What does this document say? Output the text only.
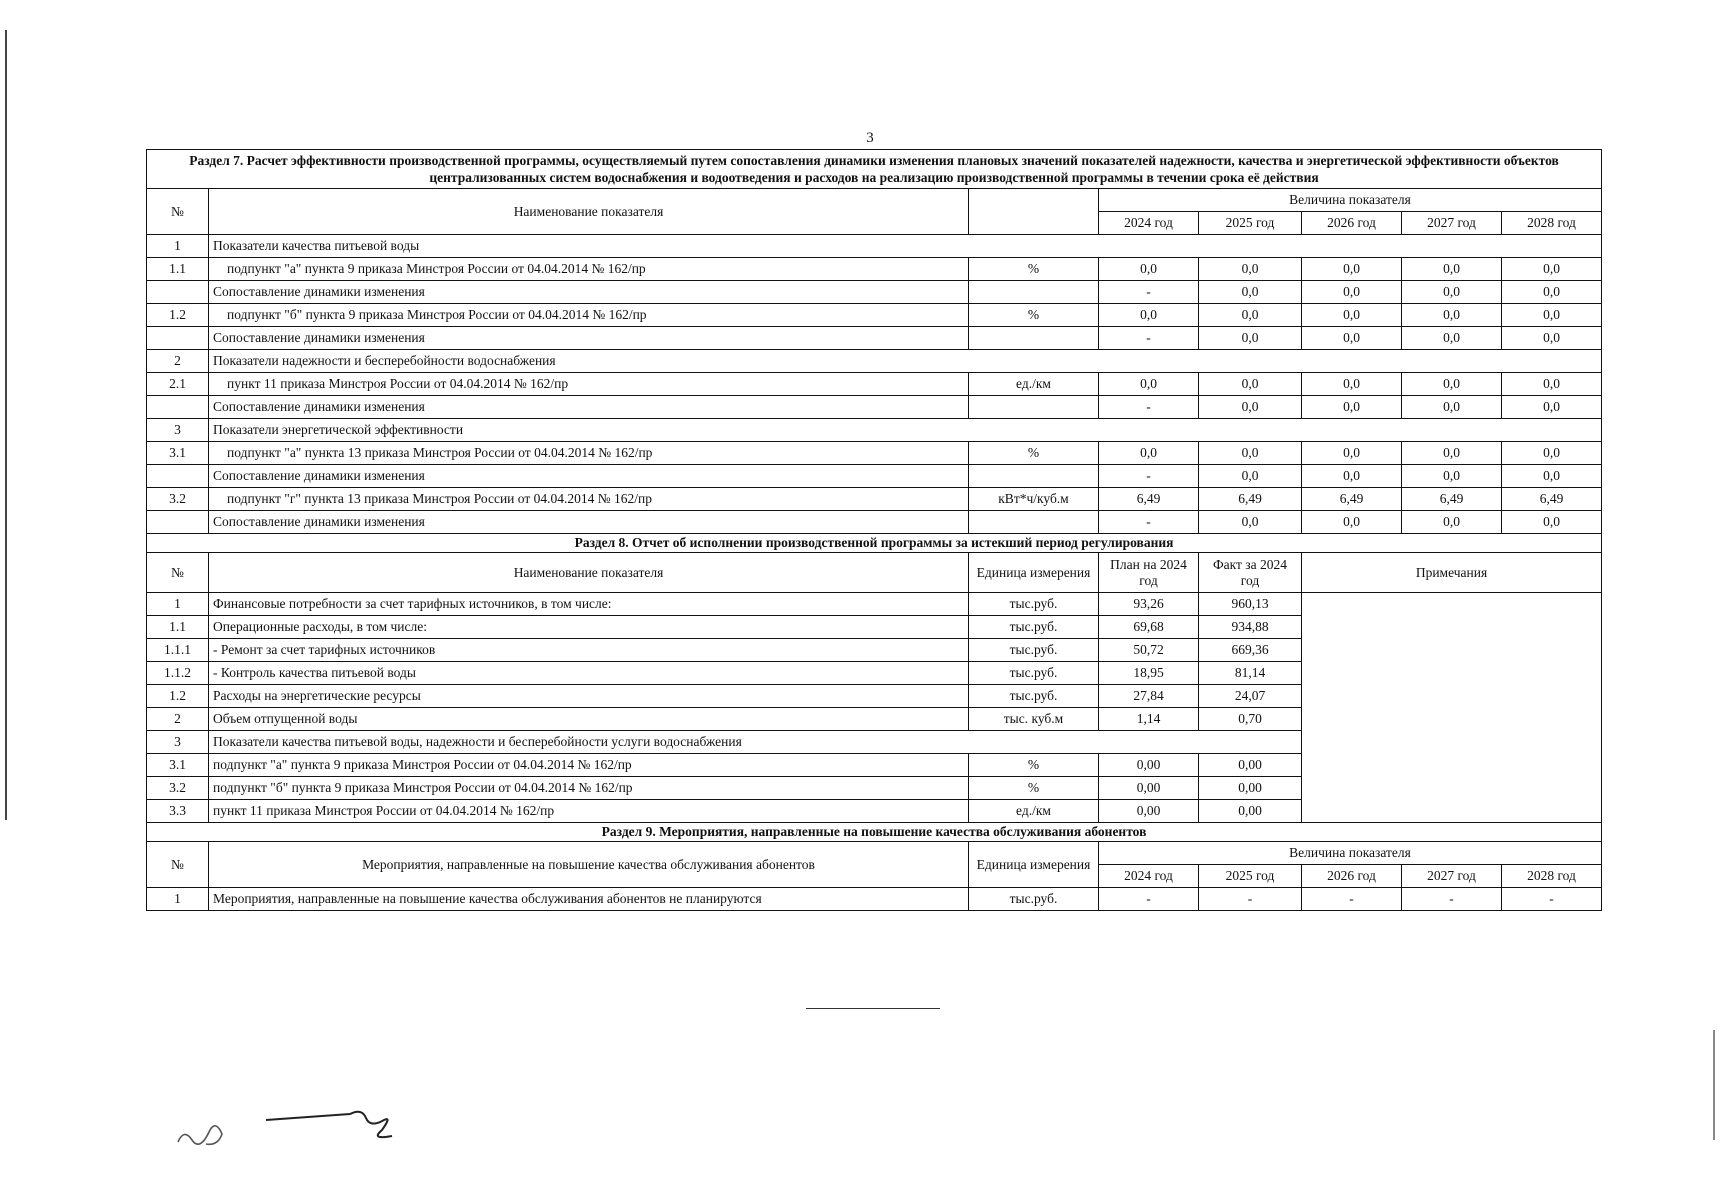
3
Раздел 7. Расчет эффективности производственной программы, осуществляемый путем сопоставления динамики изменения плановых значений показателей надежности, качества и энергетической эффективности объектов централизованных систем водоснабжения и водоотведения и расходов на реализацию производственной программы в течении срока её действия							
№	Наименование показателя		Величина показателя				
			2024 год	2025 год	2026 год	2027 год	2028 год
1	Показатели качества питьевой воды						
1.1	подпункт "а" пункта 9 приказа Минстроя России от 04.04.2014 № 162/пр	%	0,0	0,0	0,0	0,0	0,0
	Сопоставление динамики изменения		-	0,0	0,0	0,0	0,0
1.2	подпункт "б" пункта 9 приказа Минстроя России от 04.04.2014 № 162/пр	%	0,0	0,0	0,0	0,0	0,0
	Сопоставление динамики изменения		-	0,0	0,0	0,0	0,0
2	Показатели надежности и бесперебойности водоснабжения						
2.1	пункт 11 приказа Минстроя России от 04.04.2014 № 162/пр	ед./км	0,0	0,0	0,0	0,0	0,0
	Сопоставление динамики изменения		-	0,0	0,0	0,0	0,0
3	Показатели энергетической эффективности						
3.1	подпункт "а" пункта 13 приказа Минстроя России от 04.04.2014 № 162/пр	%	0,0	0,0	0,0	0,0	0,0
	Сопоставление динамики изменения		-	0,0	0,0	0,0	0,0
3.2	подпункт "г" пункта 13 приказа Минстроя России от 04.04.2014 № 162/пр	кВт*ч/куб.м	6,49	6,49	6,49	6,49	6,49
	Сопоставление динамики изменения		-	0,0	0,0	0,0	0,0
Раздел 8. Отчет об исполнении производственной программы за истекший период регулирования							
№	Наименование показателя	Единица измерения	План на 2024 год	Факт за 2024 год	Примечания		
1	Финансовые потребности за счет тарифных источников, в том числе:	тыс.руб.	93,26	960,13			
1.1	Операционные расходы, в том числе:	тыс.руб.	69,68	934,88			
1.1.1	- Ремонт за счет тарифных источников	тыс.руб.	50,72	669,36			
1.1.2	- Контроль качества питьевой воды	тыс.руб.	18,95	81,14			
1.2	Расходы на энергетические ресурсы	тыс.руб.	27,84	24,07			
2	Объем отпущенной воды	тыс. куб.м	1,14	0,70			
3	Показатели качества питьевой воды, надежности и бесперебойности услуги водоснабжения						
3.1	подпункт "а" пункта 9 приказа Минстроя России от 04.04.2014 № 162/пр	%	0,00	0,00			
3.2	подпункт "б" пункта 9 приказа Минстроя России от 04.04.2014 № 162/пр	%	0,00	0,00			
3.3	пункт 11 приказа Минстроя России от 04.04.2014 № 162/пр	ед./км	0,00	0,00			
Раздел 9. Мероприятия, направленные на повышение качества обслуживания абонентов							
№	Мероприятия, направленные на повышение качества обслуживания абонентов	Единица измерения	Величина показателя				
			2024 год	2025 год	2026 год	2027 год	2028 год
1	Мероприятия, направленные на повышение качества обслуживания абонентов не планируются	тыс.руб.	-	-	-	-	-
